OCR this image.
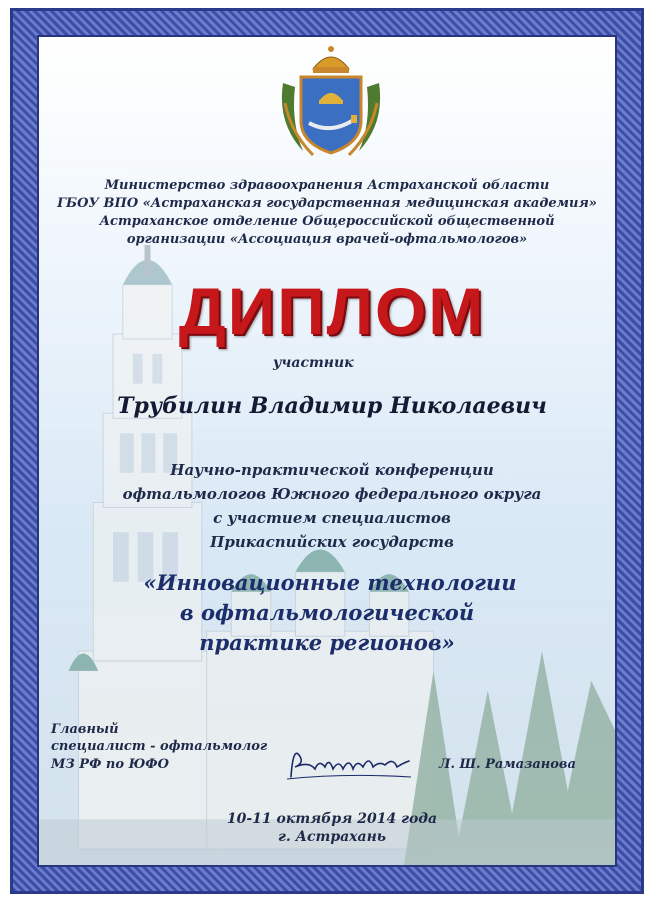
Министерство здравоохранения Астраханской области
ГБОУ ВПО «Астраханская государственная медицинская академия»
Астраханское отделение Общероссийской общественной
организации «Ассоциация врачей-офтальмологов»
ДИПЛОМ
участник
Трубилин Владимир Николаевич
Научно-практической конференции
офтальмологов Южного федерального округа
с участием специалистов
Прикаспийских государств
«Инновационные технологии
в офтальмологической
практике регионов»
Главный
специалист - офтальмолог
МЗ РФ по ЮФО	Л. Ш. Рамазанова
10-11 октября 2014 года
г. Астрахань
